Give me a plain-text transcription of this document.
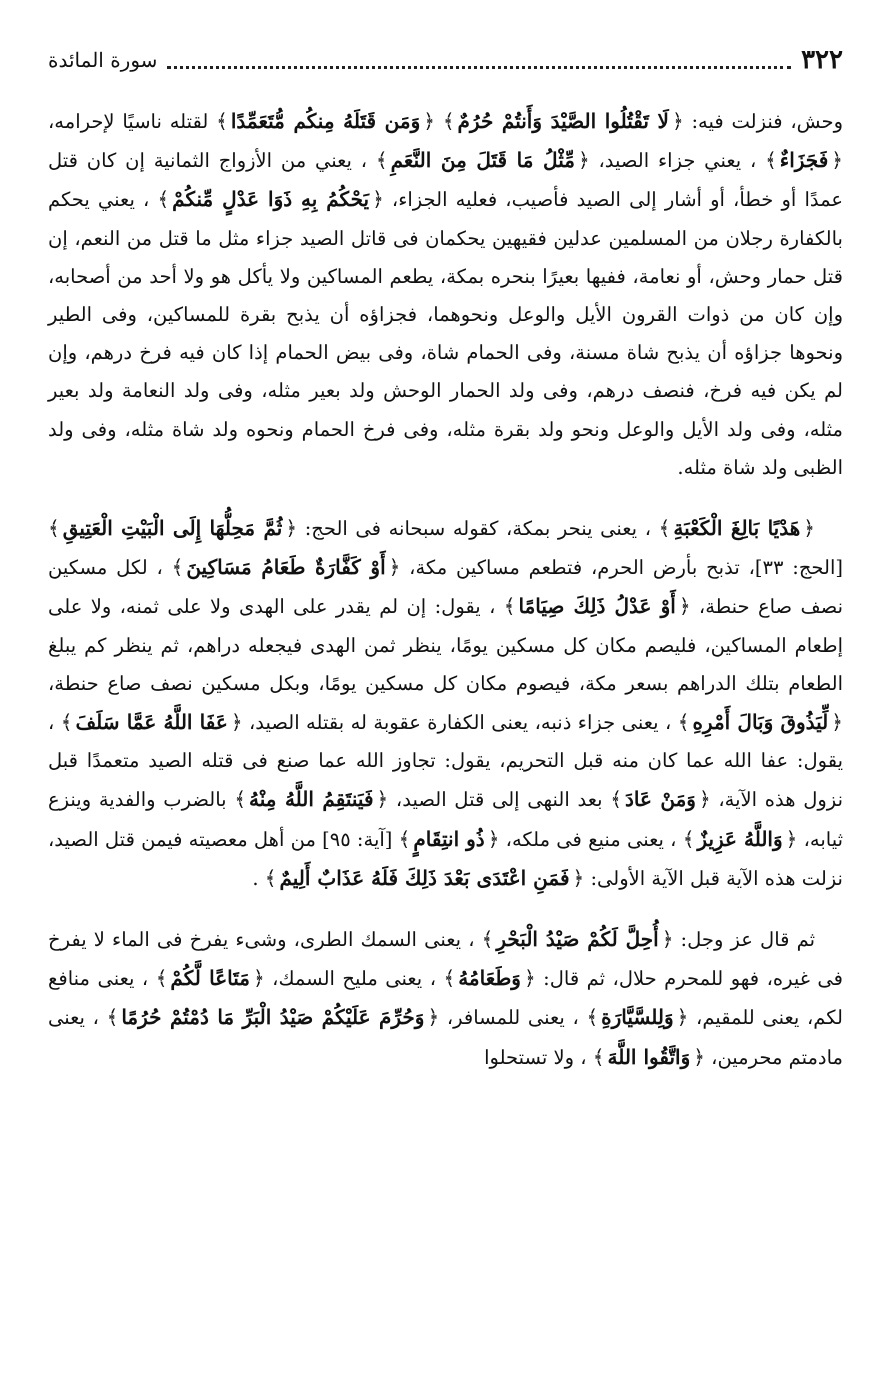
٣٢٢
سورة المائدة

وحش، فنزلت فيه: ﴿ لَا تَقْتُلُوا الصَّيْدَ وَأَنتُمْ حُرُمٌ ﴾ ﴿ وَمَن قَتَلَهُ مِنكُم مُّتَعَمِّدًا ﴾ لقتله ناسيًا لإحرامه، ﴿ فَجَزَاءٌ ﴾ ، يعني جزاء الصيد، ﴿ مِّثْلُ مَا قَتَلَ مِنَ النَّعَمِ ﴾ ، يعني من الأزواج الثمانية إن كان قتل عمدًا أو خطأ، أو أشار إلى الصيد فأصيب، فعليه الجزاء، ﴿ يَحْكُمُ بِهِ ذَوَا عَدْلٍ مِّنكُمْ ﴾ ، يعني يحكم بالكفارة رجلان من المسلمين عدلين فقيهين يحكمان فى قاتل الصيد جزاء مثل ما قتل من النعم، إن قتل حمار وحش، أو نعامة، ففيها بعيرًا بنحره بمكة، يطعم المساكين ولا يأكل هو ولا أحد من أصحابه، وإن كان من ذوات القرون الأيل والوعل ونحوهما، فجزاؤه أن يذبح بقرة للمساكين، وفى الطير ونحوها جزاؤه أن يذبح شاة مسنة، وفى الحمام شاة، وفى بيض الحمام إذا كان فيه فرخ درهم، وإن لم يكن فيه فرخ، فنصف درهم، وفى ولد الحمار الوحش ولد بعير مثله، وفى ولد النعامة ولد بعير مثله، وفى ولد الأيل والوعل ونحو ولد بقرة مثله، وفى فرخ الحمام ونحوه ولد شاة مثله، وفى ولد الظبى ولد شاة مثله.

﴿ هَدْيًا بَالِغَ الْكَعْبَةِ ﴾ ، يعنى ينحر بمكة، كقوله سبحانه فى الحج: ﴿ ثُمَّ مَحِلُّهَا إِلَى الْبَيْتِ الْعَتِيقِ ﴾ [الحج: ٣٣]، تذبح بأرض الحرم، فتطعم مساكين مكة، ﴿ أَوْ كَفَّارَةٌ طَعَامُ مَسَاكِينَ ﴾ ، لكل مسكين نصف صاع حنطة، ﴿ أَوْ عَدْلُ ذَلِكَ صِيَامًا ﴾ ، يقول: إن لم يقدر على الهدى ولا على ثمنه، ولا على إطعام المساكين، فليصم مكان كل مسكين يومًا، ينظر ثمن الهدى فيجعله دراهم، ثم ينظر كم يبلغ الطعام بتلك الدراهم بسعر مكة، فيصوم مكان كل مسكين يومًا، وبكل مسكين نصف صاع حنطة، ﴿ لِّيَذُوقَ وَبَالَ أَمْرِهِ ﴾ ، يعنى جزاء ذنبه، يعنى الكفارة عقوبة له بقتله الصيد، ﴿ عَفَا اللَّهُ عَمَّا سَلَفَ ﴾ ، يقول: عفا الله عما كان منه قبل التحريم، يقول: تجاوز الله عما صنع فى قتله الصيد متعمدًا قبل نزول هذه الآية، ﴿ وَمَنْ عَادَ ﴾ بعد النهى إلى قتل الصيد، ﴿ فَيَنتَقِمُ اللَّهُ مِنْهُ ﴾ بالضرب والفدية وينزع ثيابه، ﴿ وَاللَّهُ عَزِيزٌ ﴾ ، يعنى منيع فى ملكه، ﴿ ذُو انتِقَامٍ ﴾ [آية: ٩٥] من أهل معصيته فيمن قتل الصيد، نزلت هذه الآية قبل الآية الأولى: ﴿ فَمَنِ اعْتَدَى بَعْدَ ذَلِكَ فَلَهُ عَذَابٌ أَلِيمٌ ﴾ .

ثم قال عز وجل: ﴿ أُحِلَّ لَكُمْ صَيْدُ الْبَحْرِ ﴾ ، يعنى السمك الطرى، وشىء يفرخ فى الماء لا يفرخ فى غيره، فهو للمحرم حلال، ثم قال: ﴿ وَطَعَامُهُ ﴾ ، يعنى مليح السمك، ﴿ مَتَاعًا لَّكُمْ ﴾ ، يعنى منافع لكم، يعنى للمقيم، ﴿ وَلِلسَّيَّارَةِ ﴾ ، يعنى للمسافر، ﴿ وَحُرِّمَ عَلَيْكُمْ صَيْدُ الْبَرِّ مَا دُمْتُمْ حُرُمًا ﴾ ، يعنى مادمتم محرمين، ﴿ وَاتَّقُوا اللَّهَ ﴾ ، ولا تستحلوا
